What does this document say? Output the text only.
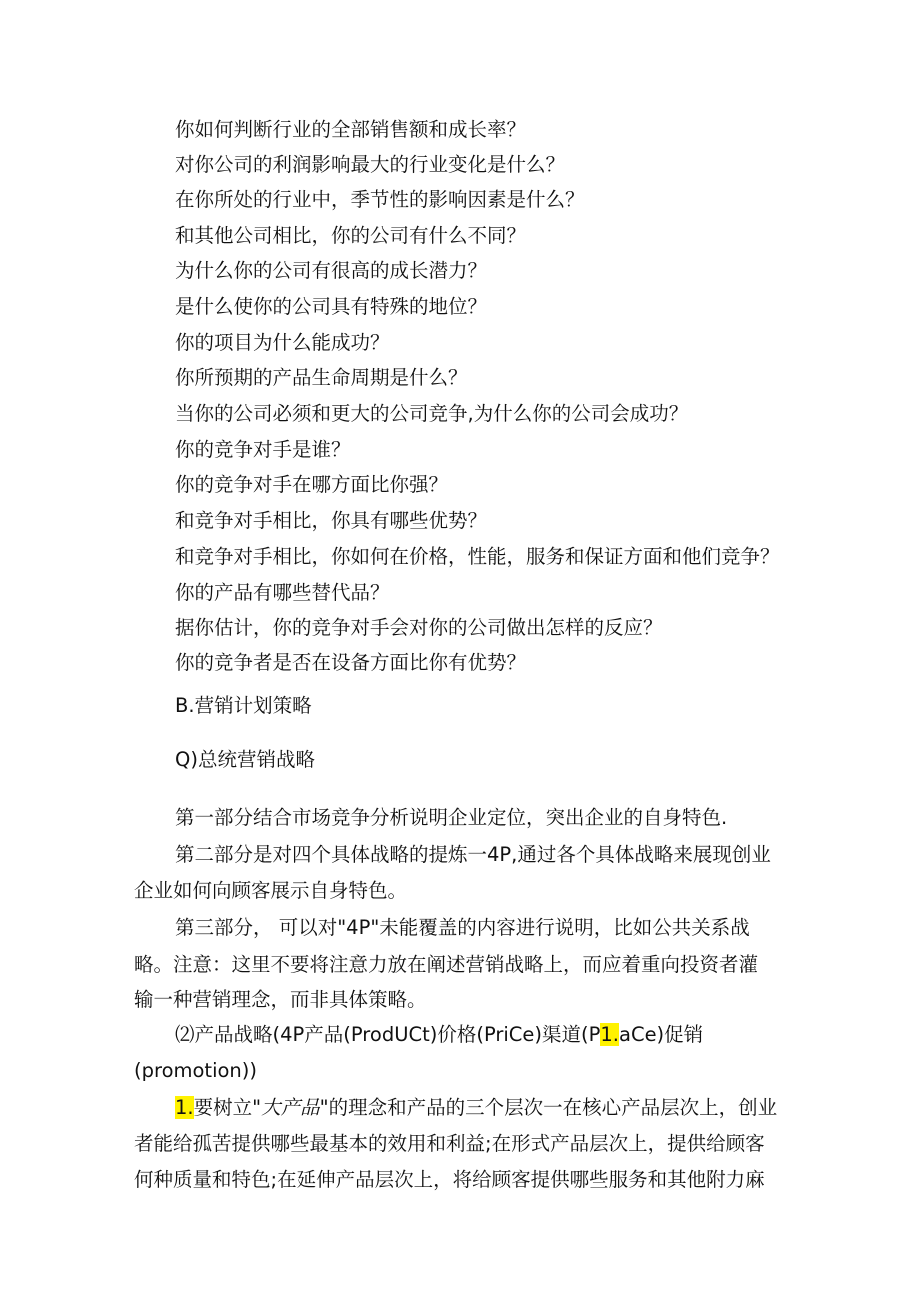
你如何判断行业的全部销售额和成长率？
对你公司的利润影响最大的行业变化是什么？
在你所处的行业中，季节性的影响因素是什么？
和其他公司相比，你的公司有什么不同？
为什么你的公司有很高的成长潜力？
是什么使你的公司具有特殊的地位？
你的项目为什么能成功？
你所预期的产品生命周期是什么？
当你的公司必须和更大的公司竞争,为什么你的公司会成功？
你的竞争对手是谁？
你的竞争对手在哪方面比你强？
和竞争对手相比，你具有哪些优势？
和竞争对手相比，你如何在价格，性能，服务和保证方面和他们竞争？
你的产品有哪些替代品？
据你估计，你的竞争对手会对你的公司做出怎样的反应？
你的竞争者是否在设备方面比你有优势？
B.营销计划策略
Q)总统营销战略
第一部分结合市场竞争分析说明企业定位，突出企业的自身特色.
第二部分是对四个具体战略的提炼一4P,通过各个具体战略来展现创业
企业如何向顾客展示自身特色。
第三部分， 可以对"4P"未能覆盖的内容进行说明，比如公共关系战
略。注意：这里不要将注意力放在阐述营销战略上，而应着重向投资者灌
输一种营销理念，而非具体策略。
⑵产品战略(4P产品(ProdUCt)价格(PriCe)渠道(P1.aCe)促销
(promotion))
1.要树立"大产品"的理念和产品的三个层次一在核心产品层次上，创业
者能给孤苦提供哪些最基本的效用和利益;在形式产品层次上，提供给顾客
何种质量和特色;在延伸产品层次上，将给顾客提供哪些服务和其他附力麻
